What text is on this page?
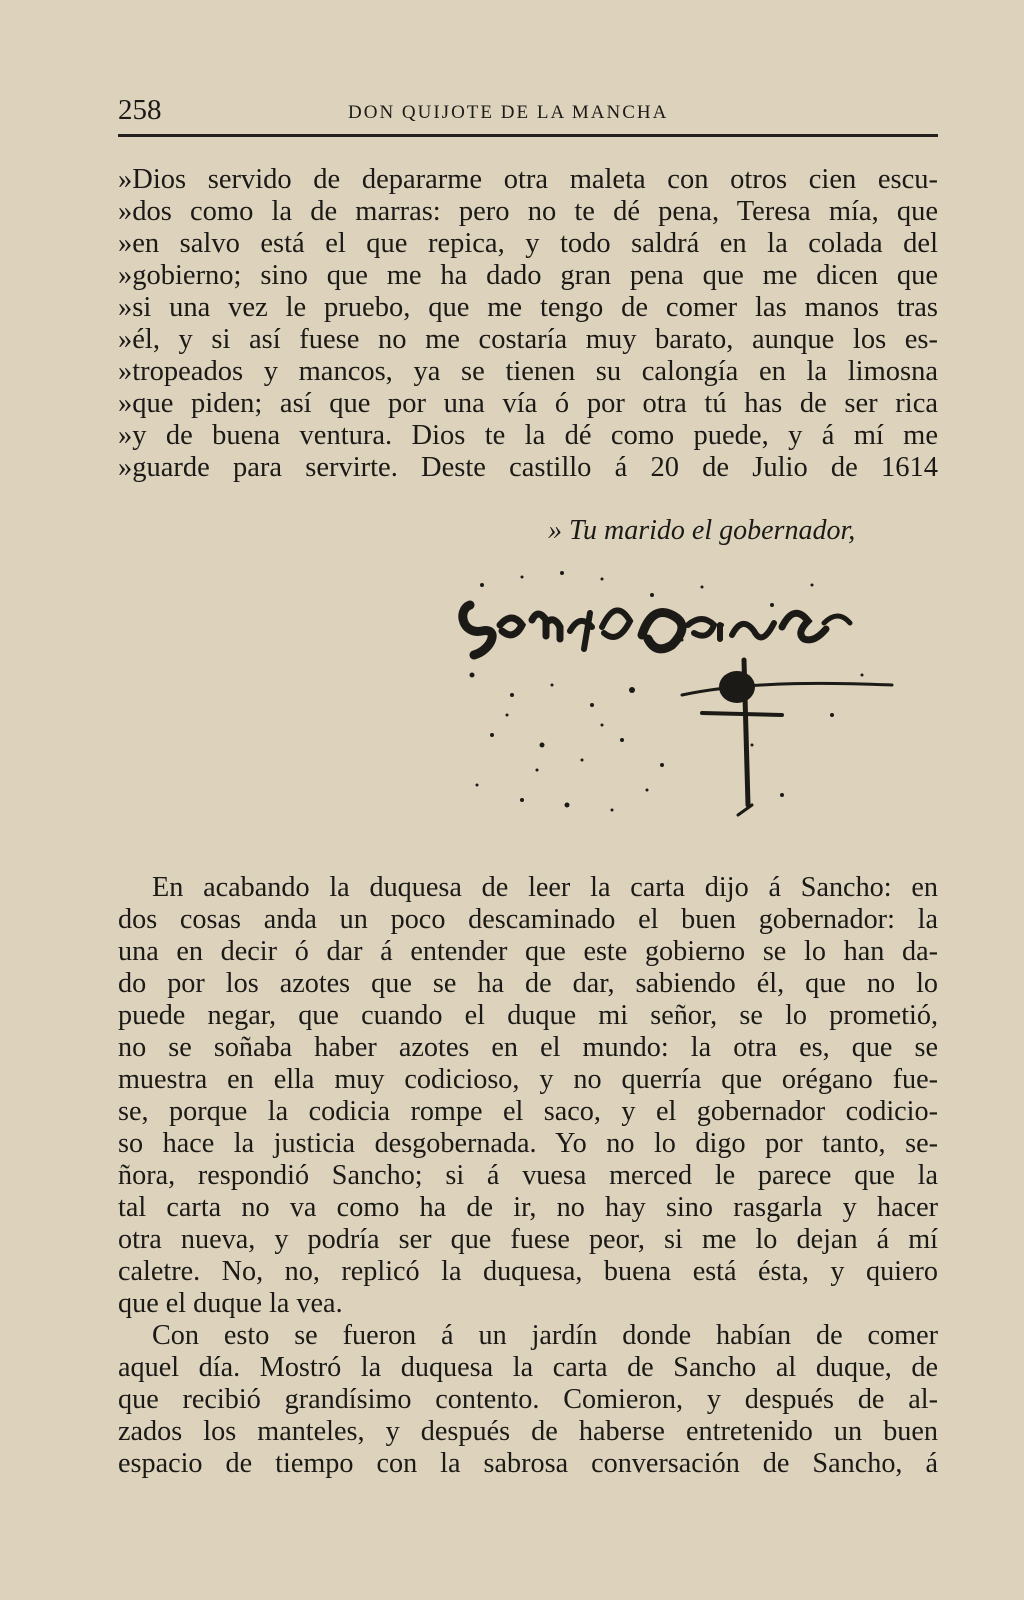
258	DON QUIJOTE DE LA MANCHA
»Dios servido de depararme otra maleta con otros cien escu-
»dos como la de marras: pero no te dé pena, Teresa mía, que
»en salvo está el que repica, y todo saldrá en la colada del
»gobierno; sino que me ha dado gran pena que me dicen que
»si una vez le pruebo, que me tengo de comer las manos tras
»él, y si así fuese no me costaría muy barato, aunque los es-
»tropeados y mancos, ya se tienen su calongía en la limosna
»que piden; así que por una vía ó por otra tú has de ser rica
»y de buena ventura. Dios te la dé como puede, y á mí me
»guarde para servirte. Deste castillo á 20 de Julio de 1614
» Tu marido el gobernador,
En acabando la duquesa de leer la carta dijo á Sancho: en
dos cosas anda un poco descaminado el buen gobernador: la
una en decir ó dar á entender que este gobierno se lo han da-
do por los azotes que se ha de dar, sabiendo él, que no lo
puede negar, que cuando el duque mi señor, se lo prometió,
no se soñaba haber azotes en el mundo: la otra es, que se
muestra en ella muy codicioso, y no querría que orégano fue-
se, porque la codicia rompe el saco, y el gobernador codicio-
so hace la justicia desgobernada. Yo no lo digo por tanto, se-
ñora, respondió Sancho; si á vuesa merced le parece que la
tal carta no va como ha de ir, no hay sino rasgarla y hacer
otra nueva, y podría ser que fuese peor, si me lo dejan á mí
caletre. No, no, replicó la duquesa, buena está ésta, y quiero
que el duque la vea.
Con esto se fueron á un jardín donde habían de comer
aquel día. Mostró la duquesa la carta de Sancho al duque, de
que recibió grandísimo contento. Comieron, y después de al-
zados los manteles, y después de haberse entretenido un buen
espacio de tiempo con la sabrosa conversación de Sancho, á
